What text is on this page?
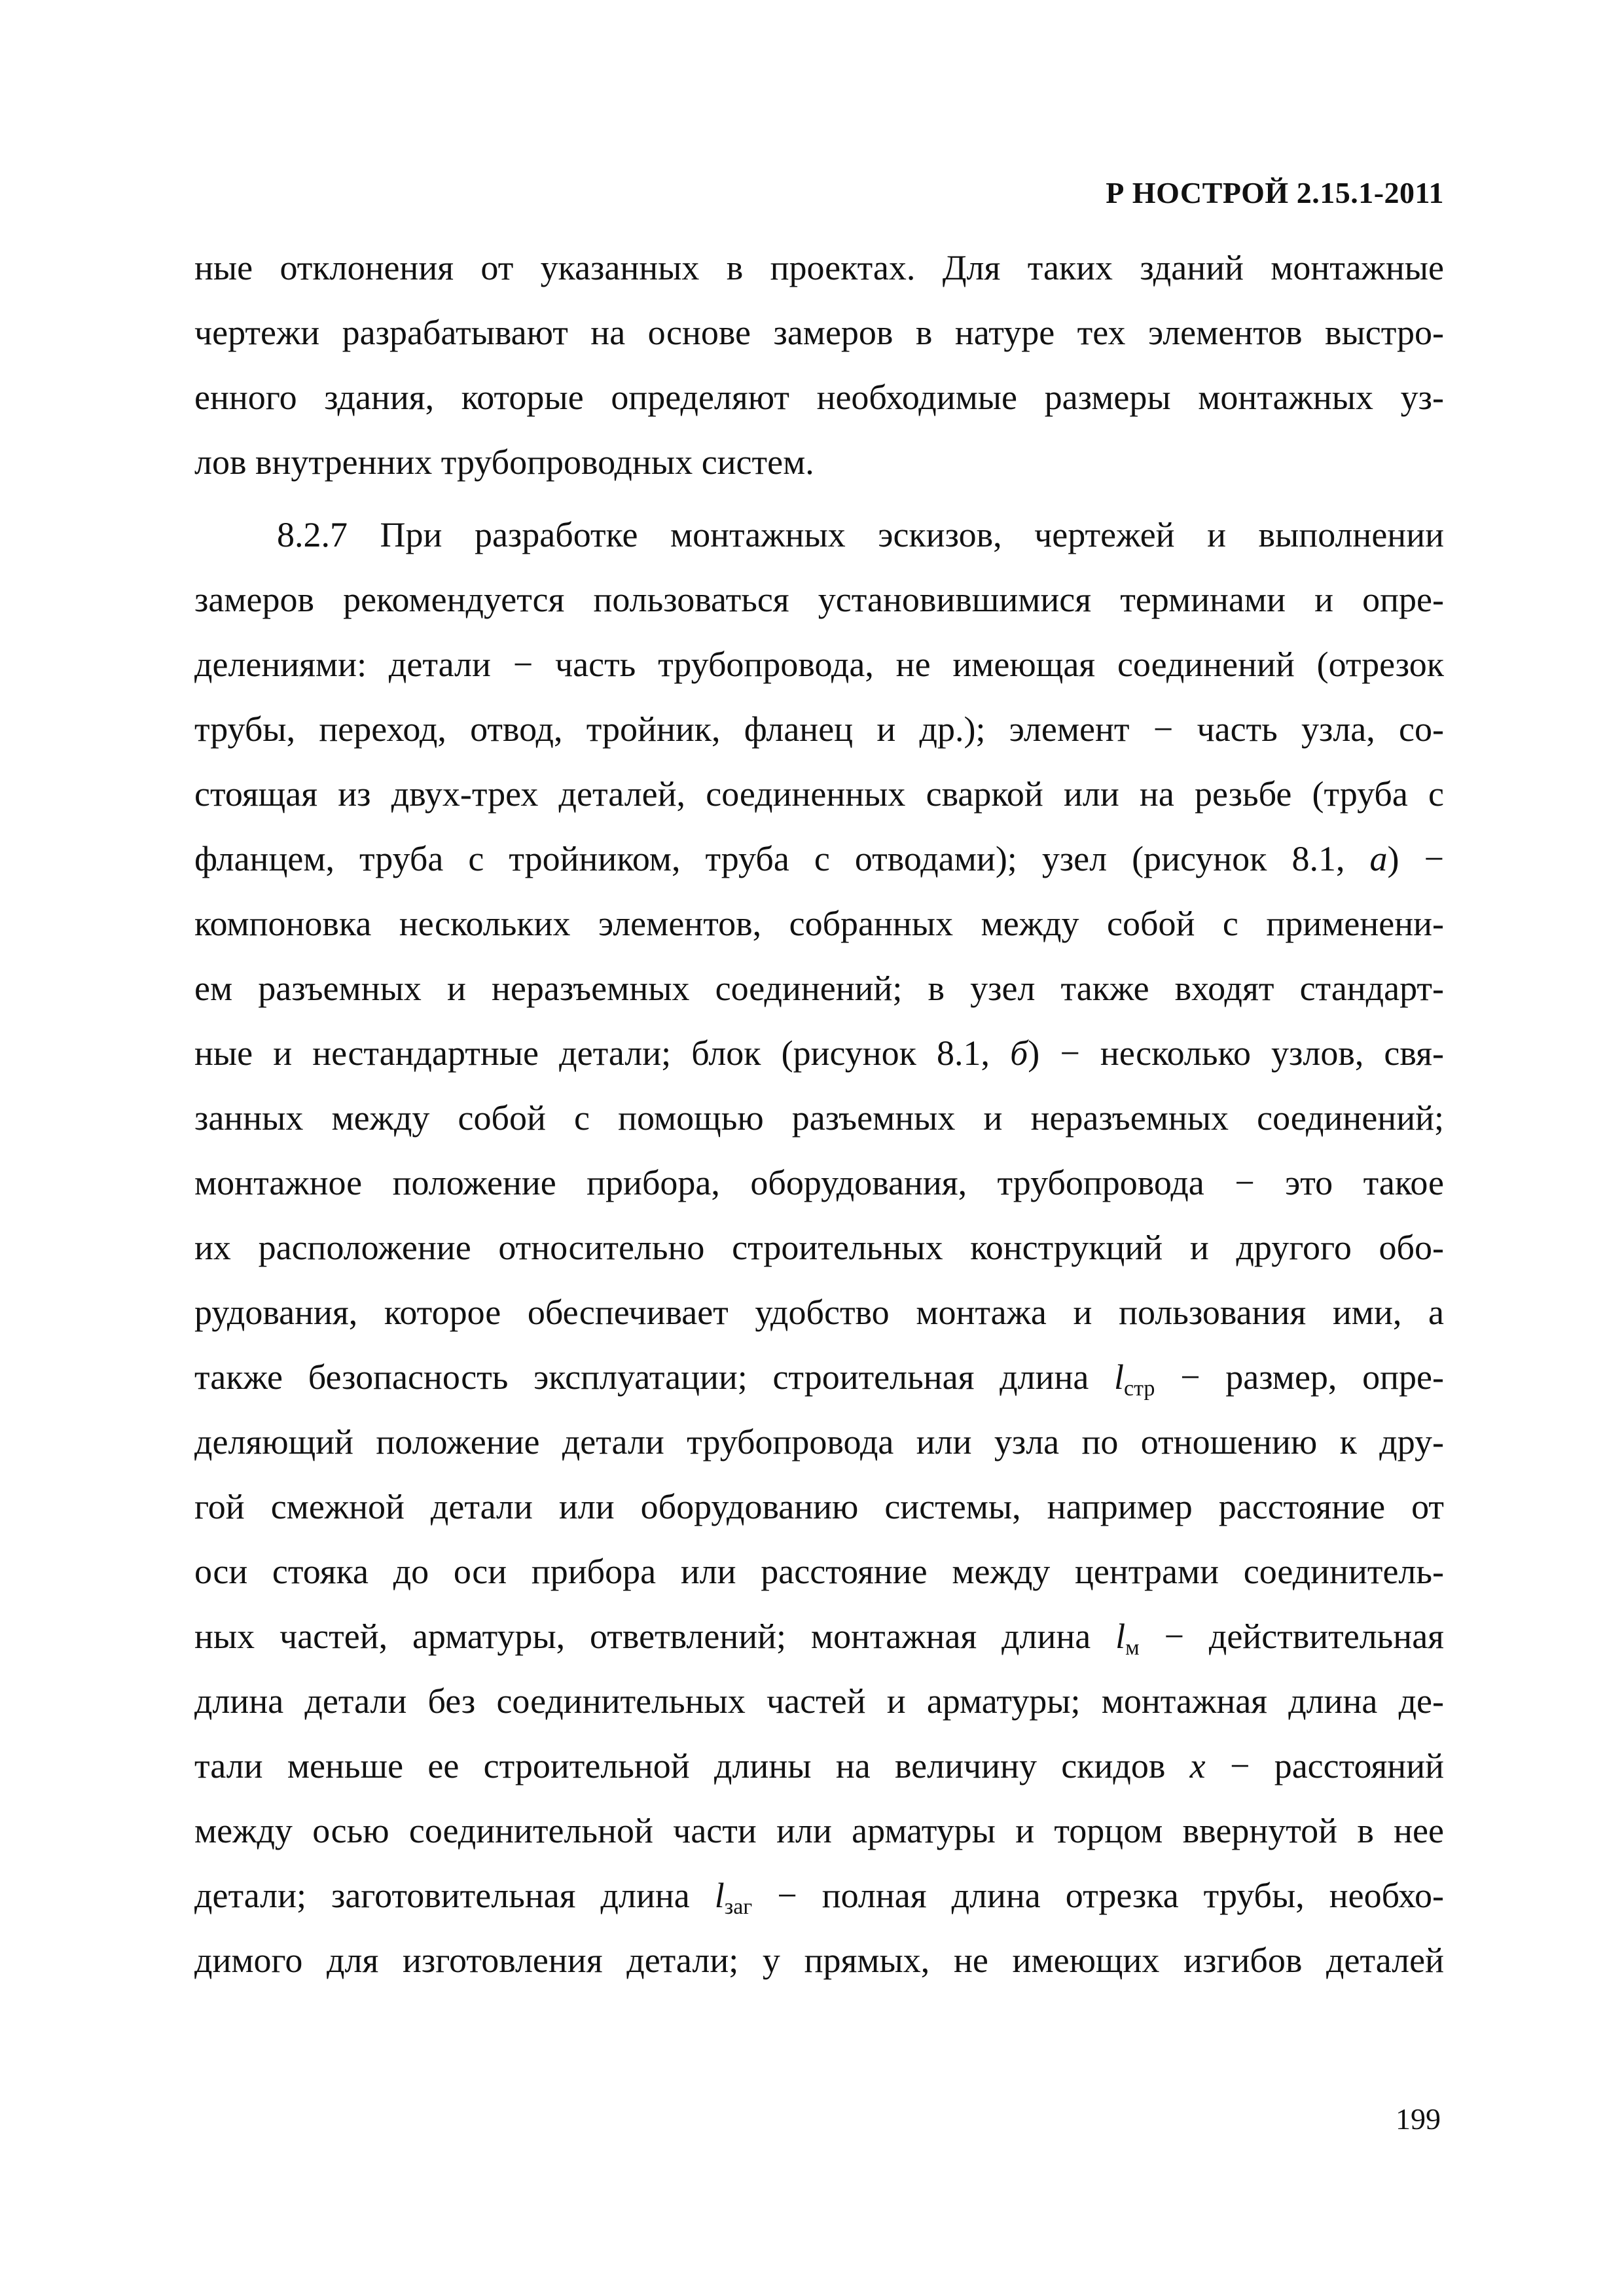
Р НОСТРОЙ 2.15.1-2011
ные отклонения от указанных в проектах. Для таких зданий монтажные
чертежи разрабатывают на основе замеров в натуре тех элементов выстро-
енного здания, которые определяют необходимые размеры монтажных уз-
лов внутренних трубопроводных систем.
8.2.7 При разработке монтажных эскизов, чертежей и выполнении
замеров рекомендуется пользоваться установившимися терминами и опре-
делениями: детали − часть трубопровода, не имеющая соединений (отрезок
трубы, переход, отвод, тройник, фланец и др.); элемент − часть узла, со-
стоящая из двух-трех деталей, соединенных сваркой или на резьбе (труба с
фланцем, труба с тройником, труба с отводами); узел (рисунок 8.1, а) −
компоновка нескольких элементов, собранных между собой с применени-
ем разъемных и неразъемных соединений; в узел также входят стандарт-
ные и нестандартные детали; блок (рисунок 8.1, б) − несколько узлов, свя-
занных между собой с помощью разъемных и неразъемных соединений;
монтажное положение прибора, оборудования, трубопровода − это такое
их расположение относительно строительных конструкций и другого обо-
рудования, которое обеспечивает удобство монтажа и пользования ими, а
также безопасность эксплуатации; строительная длина $l_{стр}$ − размер, опре-
деляющий положение детали трубопровода или узла по отношению к дру-
гой смежной детали или оборудованию системы, например расстояние от
оси стояка до оси прибора или расстояние между центрами соединитель-
ных частей, арматуры, ответвлений; монтажная длина $l_м$ − действительная
длина детали без соединительных частей и арматуры; монтажная длина де-
тали меньше ее строительной длины на величину скидов x − расстояний
между осью соединительной части или арматуры и торцом ввернутой в нее
детали; заготовительная длина $l_{заг}$ − полная длина отрезка трубы, необхо-
димого для изготовления детали; у прямых, не имеющих изгибов деталей
199
